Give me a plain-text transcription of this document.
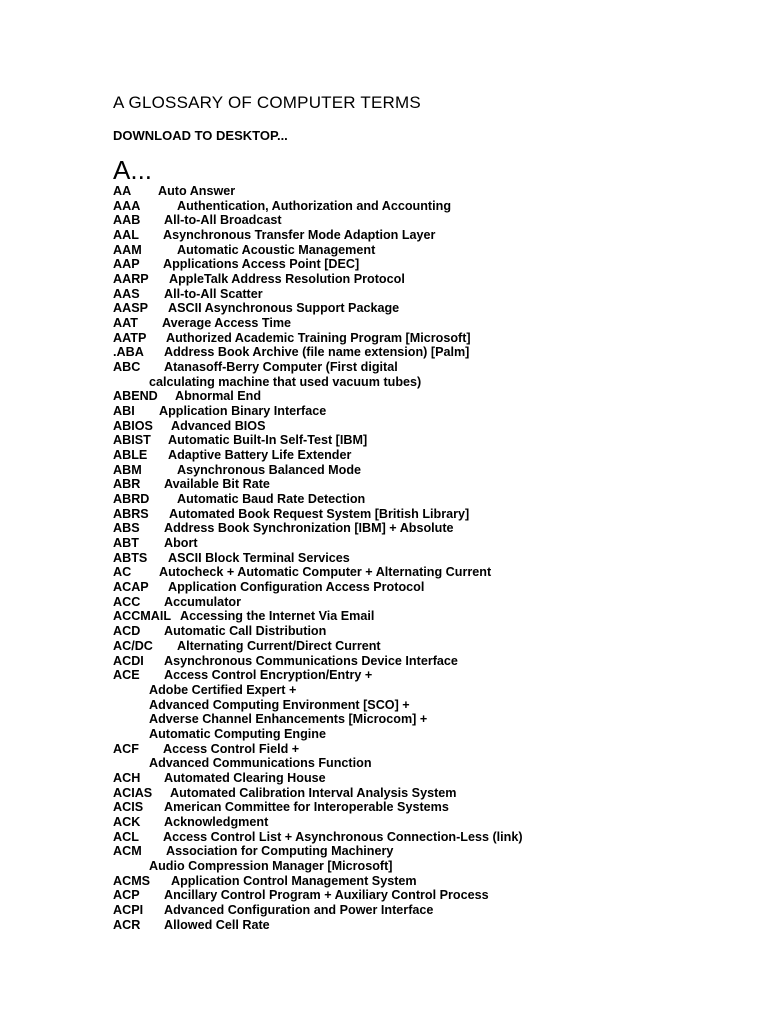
A GLOSSARY OF COMPUTER TERMS
DOWNLOAD TO DESKTOP...
A...
AA Auto Answer
AAA	Authentication, Authorization and Accounting
AAB All-to-All Broadcast
AAL Asynchronous Transfer Mode Adaption Layer
AAM	Automatic Acoustic Management
AAP Applications Access Point [DEC]
AARP AppleTalk Address Resolution Protocol
AAS All-to-All Scatter
AASP ASCII Asynchronous Support Package
AAT Average Access Time
AATP Authorized Academic Training Program [Microsoft]
.ABA Address Book Archive (file name extension) [Palm]
ABC Atanasoff-Berry Computer (First digital
calculating machine that used vacuum tubes)
ABEND Abnormal End
ABI Application Binary Interface
ABIOS Advanced BIOS
ABIST Automatic Built-In Self-Test [IBM]
ABLE Adaptive Battery Life Extender
ABM	Asynchronous Balanced Mode
ABR Available Bit Rate
ABRD Automatic Baud Rate Detection
ABRS Automated Book Request System [British Library]
ABS Address Book Synchronization [IBM] + Absolute
ABT Abort
ABTS ASCII Block Terminal Services
AC Autocheck + Automatic Computer + Alternating Current
ACAP Application Configuration Access Protocol
ACC Accumulator
ACCMAIL Accessing the Internet Via Email
ACD Automatic Call Distribution
AC/DC Alternating Current/Direct Current
ACDI Asynchronous Communications Device Interface
ACE Access Control Encryption/Entry +
Adobe Certified Expert +
Advanced Computing Environment [SCO] +
Adverse Channel Enhancements [Microcom] +
Automatic Computing Engine
ACF Access Control Field +
Advanced Communications Function
ACH Automated Clearing House
ACIAS Automated Calibration Interval Analysis System
ACIS American Committee for Interoperable Systems
ACK Acknowledgment
ACL Access Control List + Asynchronous Connection-Less (link)
ACM Association for Computing Machinery
Audio Compression Manager [Microsoft]
ACMS Application Control Management System
ACP Ancillary Control Program + Auxiliary Control Process
ACPI Advanced Configuration and Power Interface
ACR Allowed Cell Rate
